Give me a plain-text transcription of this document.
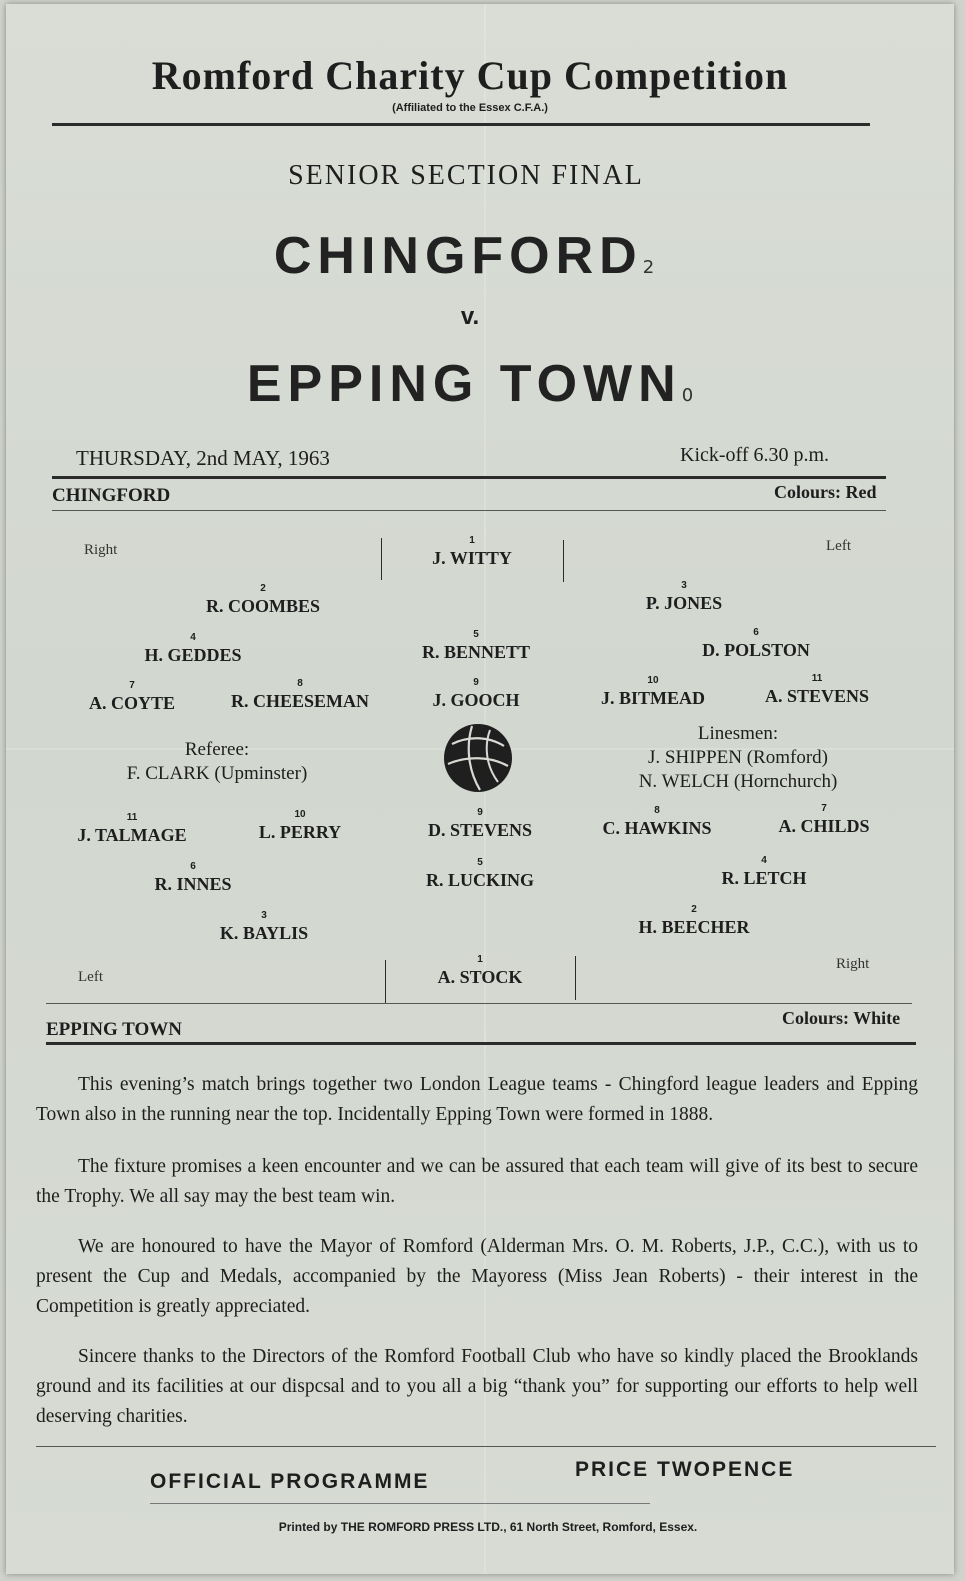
Romford Charity Cup Competition
(Affiliated to the Essex C.F.A.)
SENIOR SECTION FINAL
CHINGFORD2
v.
EPPING TOWN0
THURSDAY, 2nd MAY, 1963	Kick-off 6.30 p.m.
CHINGFORD	Colours: Red
Right	Left
1
J. WITTY
2
R. COOMBES
3
P. JONES
4
H. GEDDES
5
R. BENNETT
6
D. POLSTON
7
A. COYTE
8
R. CHEESEMAN
9
J. GOOCH
10
J. BITMEAD
11
A. STEVENS
Referee:
F. CLARK (Upminster)
Linesmen:
J. SHIPPEN (Romford)
N. WELCH (Hornchurch)
11
J. TALMAGE
10
L. PERRY
9
D. STEVENS
8
C. HAWKINS
7
A. CHILDS
6
R. INNES
5
R. LUCKING
4
R. LETCH
3
K. BAYLIS
2
H. BEECHER
1
A. STOCK
Left
Right
EPPING TOWN
Colours: White
This evening’s match brings together two London League teams - Chingford league leaders and Epping Town also in the running near the top. Incidentally Epping Town were formed in 1888.
The fixture promises a keen encounter and we can be assured that each team will give of its best to secure the Trophy. We all say may the best team win.
We are honoured to have the Mayor of Romford (Alderman Mrs. O. M. Roberts, J.P., C.C.), with us to present the Cup and Medals, accompanied by the Mayoress (Miss Jean Roberts) - their interest in the Competition is greatly appreciated.
Sincere thanks to the Directors of the Romford Football Club who have so kindly placed the Brooklands ground and its facilities at our dispcsal and to you all a big “thank you” for supporting our efforts to help well deserving charities.
OFFICIAL PROGRAMME
PRICE TWOPENCE
Printed by THE ROMFORD PRESS LTD., 61 North Street, Romford, Essex.
